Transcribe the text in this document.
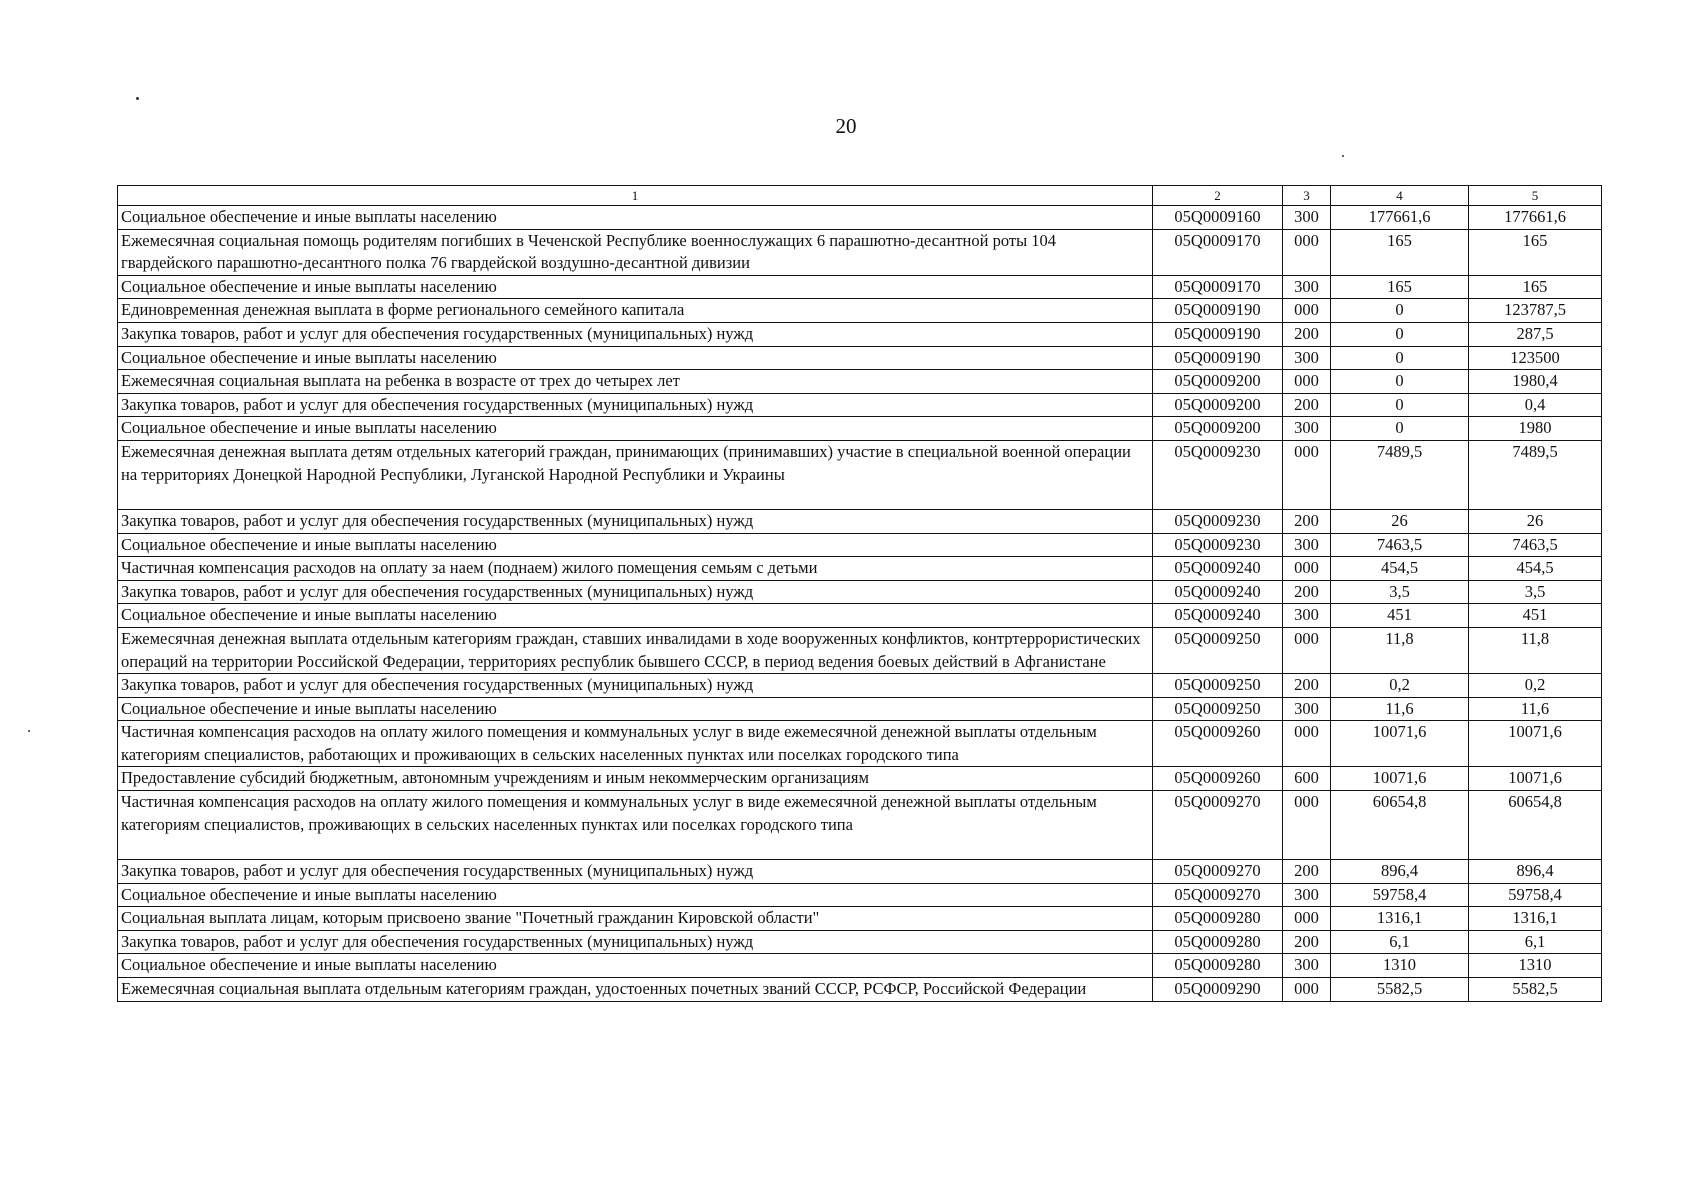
20
1	2	3	4	5
Социальное обеспечение и иные выплаты населению	05Q0009160	300	177661,6	177661,6
Ежемесячная социальная помощь родителям погибших в Чеченской Республике военнослужащих 6 парашютно-десантной роты 104 гвардейского парашютно-десантного полка 76 гвардейской воздушно-десантной дивизии	05Q0009170	000	165	165
Социальное обеспечение и иные выплаты населению	05Q0009170	300	165	165
Единовременная денежная выплата в форме регионального семейного капитала	05Q0009190	000	0	123787,5
Закупка товаров, работ и услуг для обеспечения государственных (муниципальных) нужд	05Q0009190	200	0	287,5
Социальное обеспечение и иные выплаты населению	05Q0009190	300	0	123500
Ежемесячная социальная выплата на ребенка в возрасте от трех до четырех лет	05Q0009200	000	0	1980,4
Закупка товаров, работ и услуг для обеспечения государственных (муниципальных) нужд	05Q0009200	200	0	0,4
Социальное обеспечение и иные выплаты населению	05Q0009200	300	0	1980
Ежемесячная денежная выплата детям отдельных категорий граждан, принимающих (принимавших) участие в специальной военной операции на территориях Донецкой Народной Республики, Луганской Народной Республики и Украины	05Q0009230	000	7489,5	7489,5
Закупка товаров, работ и услуг для обеспечения государственных (муниципальных) нужд	05Q0009230	200	26	26
Социальное обеспечение и иные выплаты населению	05Q0009230	300	7463,5	7463,5
Частичная компенсация расходов на оплату за наем (поднаем) жилого помещения семьям с детьми	05Q0009240	000	454,5	454,5
Закупка товаров, работ и услуг для обеспечения государственных (муниципальных) нужд	05Q0009240	200	3,5	3,5
Социальное обеспечение и иные выплаты населению	05Q0009240	300	451	451
Ежемесячная денежная выплата отдельным категориям граждан, ставших инвалидами в ходе вооруженных конфликтов, контртеррористических операций на территории Российской Федерации, территориях республик бывшего СССР, в период ведения боевых действий в Афганистане	05Q0009250	000	11,8	11,8
Закупка товаров, работ и услуг для обеспечения государственных (муниципальных) нужд	05Q0009250	200	0,2	0,2
Социальное обеспечение и иные выплаты населению	05Q0009250	300	11,6	11,6
Частичная компенсация расходов на оплату жилого помещения и коммунальных услуг в виде ежемесячной денежной выплаты отдельным категориям специалистов, работающих и проживающих в сельских населенных пунктах или поселках городского типа	05Q0009260	000	10071,6	10071,6
Предоставление субсидий бюджетным, автономным учреждениям и иным некоммерческим организациям	05Q0009260	600	10071,6	10071,6
Частичная компенсация расходов на оплату жилого помещения и коммунальных услуг в виде ежемесячной денежной выплаты отдельным категориям специалистов, проживающих в сельских населенных пунктах или поселках городского типа	05Q0009270	000	60654,8	60654,8
Закупка товаров, работ и услуг для обеспечения государственных (муниципальных) нужд	05Q0009270	200	896,4	896,4
Социальное обеспечение и иные выплаты населению	05Q0009270	300	59758,4	59758,4
Социальная выплата лицам, которым присвоено звание "Почетный гражданин Кировской области"	05Q0009280	000	1316,1	1316,1
Закупка товаров, работ и услуг для обеспечения государственных (муниципальных) нужд	05Q0009280	200	6,1	6,1
Социальное обеспечение и иные выплаты населению	05Q0009280	300	1310	1310
Ежемесячная социальная выплата отдельным категориям граждан, удостоенных почетных званий СССР, РСФСР, Российской Федерации	05Q0009290	000	5582,5	5582,5
